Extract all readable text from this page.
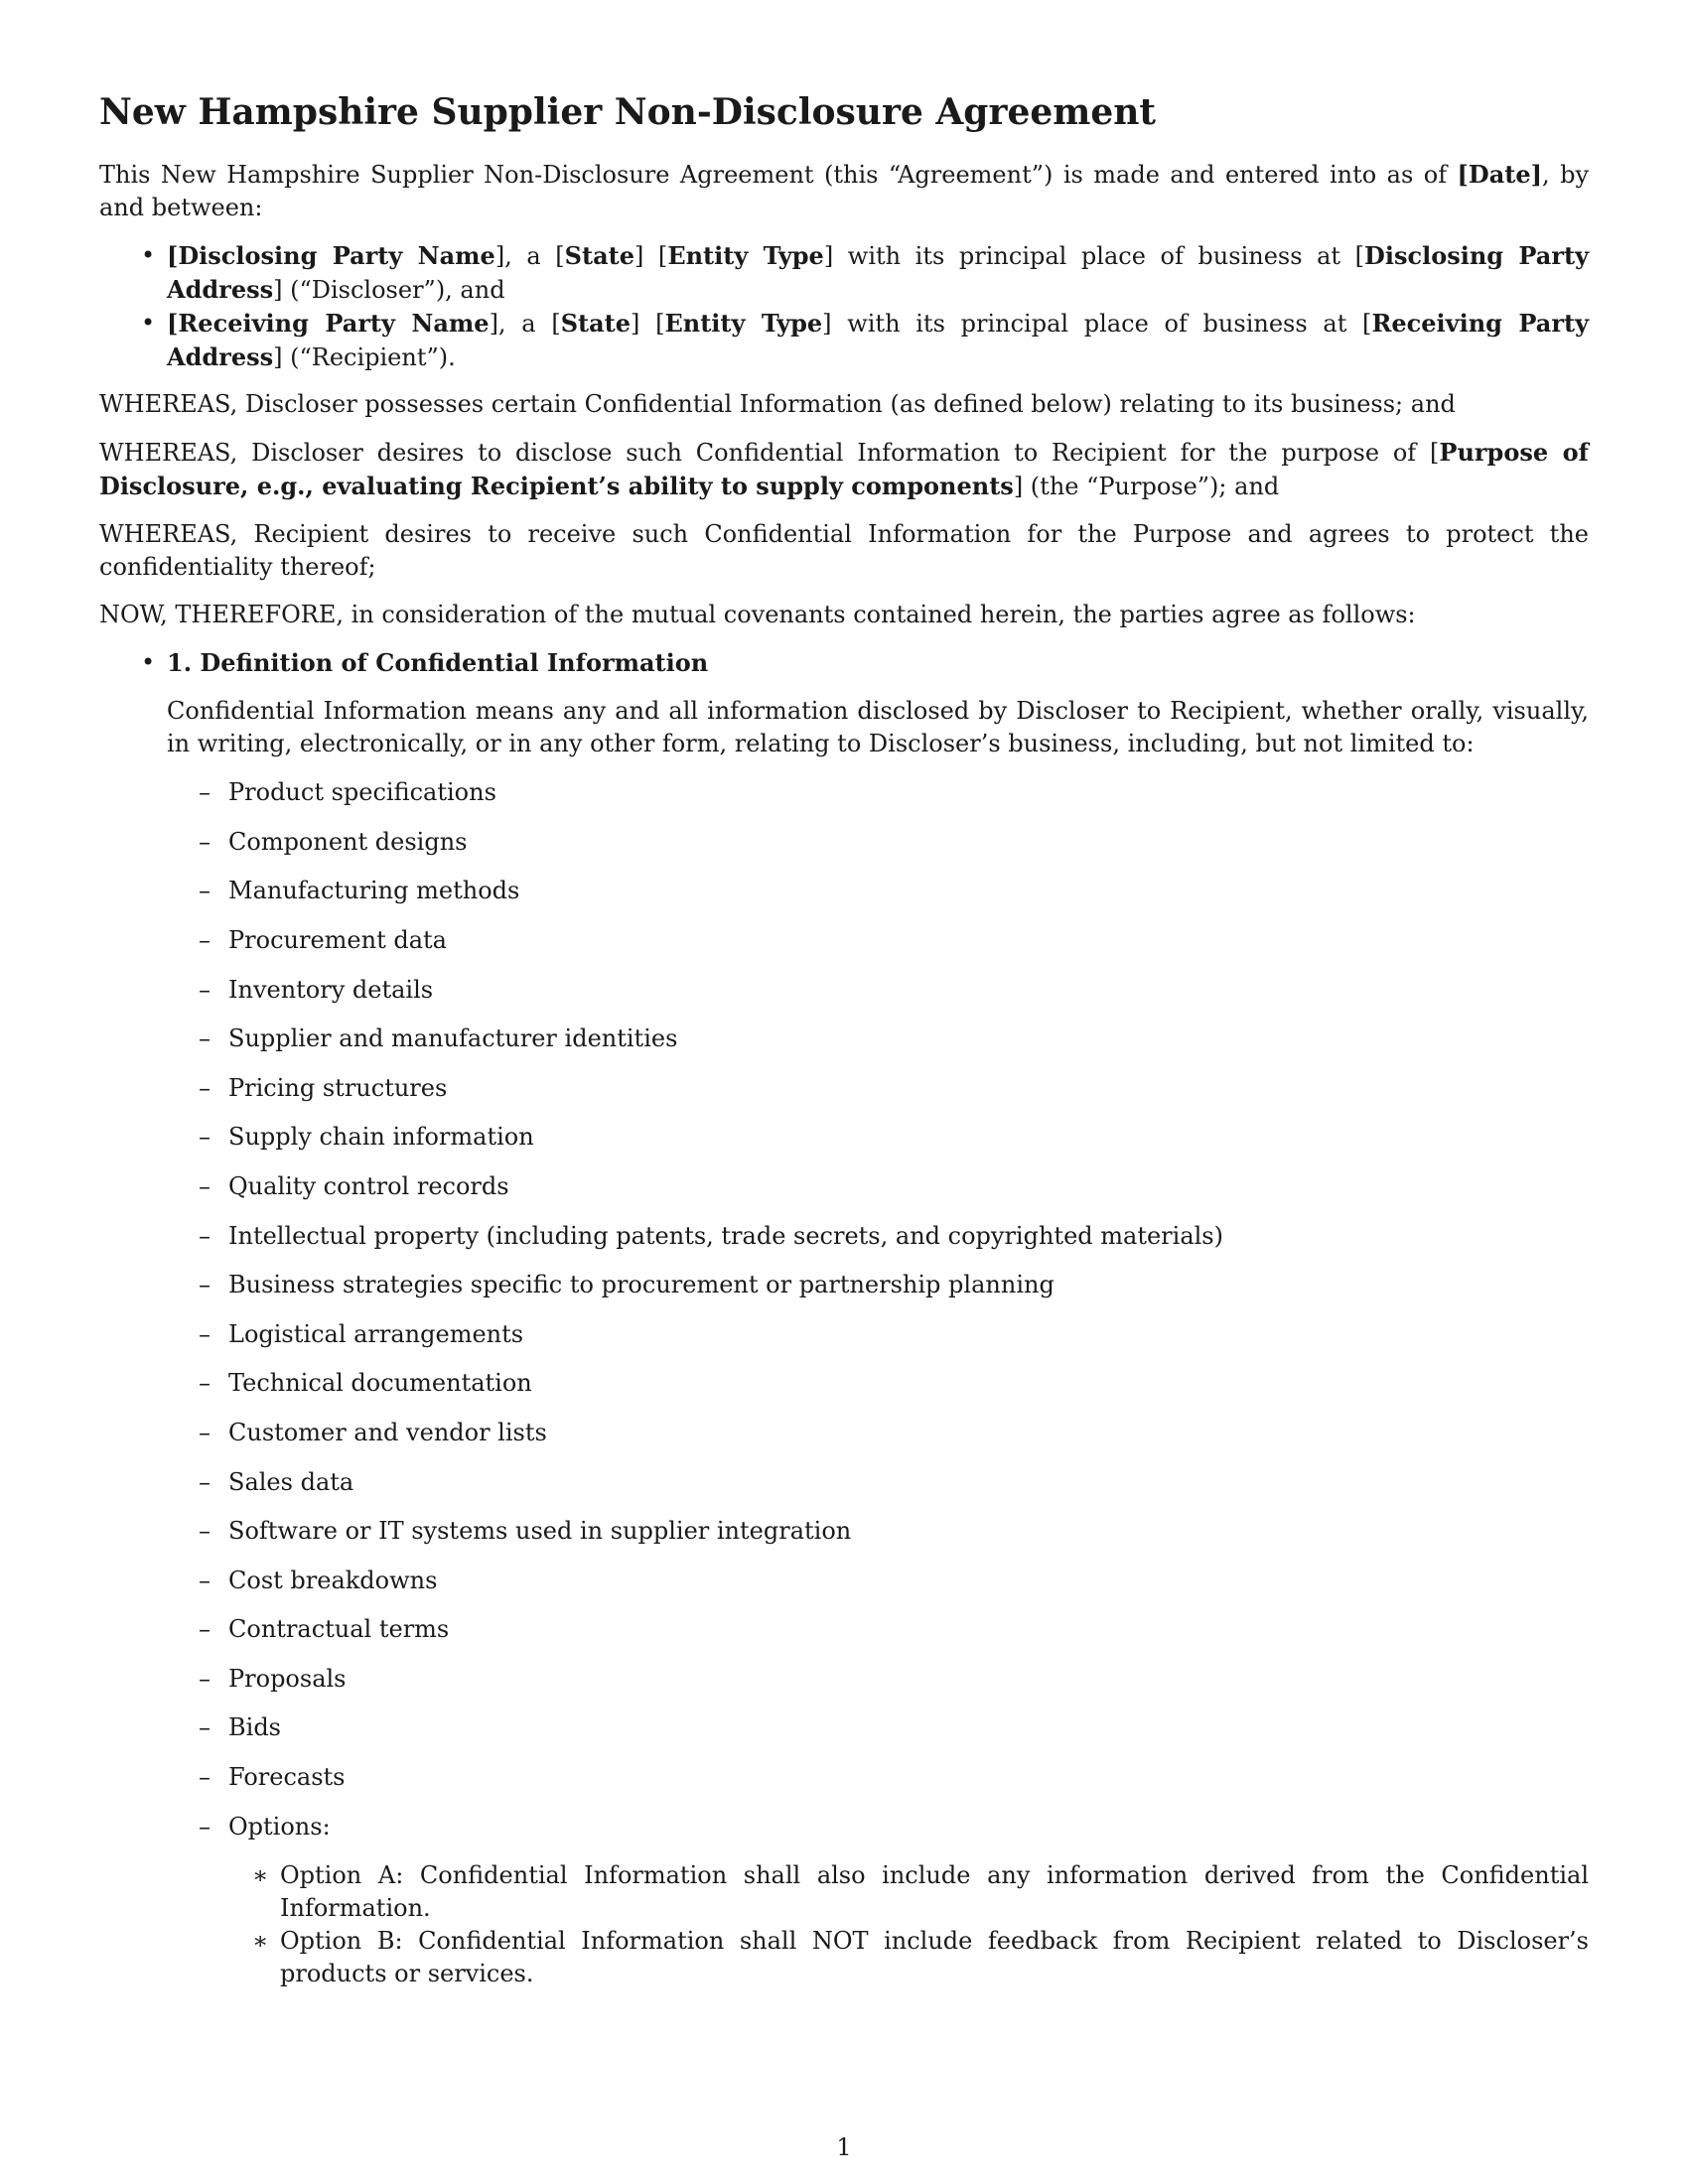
New Hampshire Supplier Non-Disclosure Agreement

This New Hampshire Supplier Non-Disclosure Agreement (this “Agreement”) is made and entered into as of [Date], by and between:

• [Disclosing Party Name], a [State] [Entity Type] with its principal place of business at [Disclosing Party Address] (“Discloser”), and
• [Receiving Party Name], a [State] [Entity Type] with its principal place of business at [Receiving Party Address] (“Recipient”).

WHEREAS, Discloser possesses certain Confidential Information (as defined below) relating to its business; and

WHEREAS, Discloser desires to disclose such Confidential Information to Recipient for the purpose of [Purpose of Disclosure, e.g., evaluating Recipient’s ability to supply components] (the “Purpose”); and

WHEREAS, Recipient desires to receive such Confidential Information for the Purpose and agrees to protect the confidentiality thereof;

NOW, THEREFORE, in consideration of the mutual covenants contained herein, the parties agree as follows:

• 1. Definition of Confidential Information

Confidential Information means any and all information disclosed by Discloser to Recipient, whether orally, visually, in writing, electronically, or in any other form, relating to Discloser’s business, including, but not limited to:

– Product specifications
– Component designs
– Manufacturing methods
– Procurement data
– Inventory details
– Supplier and manufacturer identities
– Pricing structures
– Supply chain information
– Quality control records
– Intellectual property (including patents, trade secrets, and copyrighted materials)
– Business strategies specific to procurement or partnership planning
– Logistical arrangements
– Technical documentation
– Customer and vendor lists
– Sales data
– Software or IT systems used in supplier integration
– Cost breakdowns
– Contractual terms
– Proposals
– Bids
– Forecasts
– Options:
∗ Option A: Confidential Information shall also include any information derived from the Confidential Information.
∗ Option B: Confidential Information shall NOT include feedback from Recipient related to Discloser’s products or services.
1
